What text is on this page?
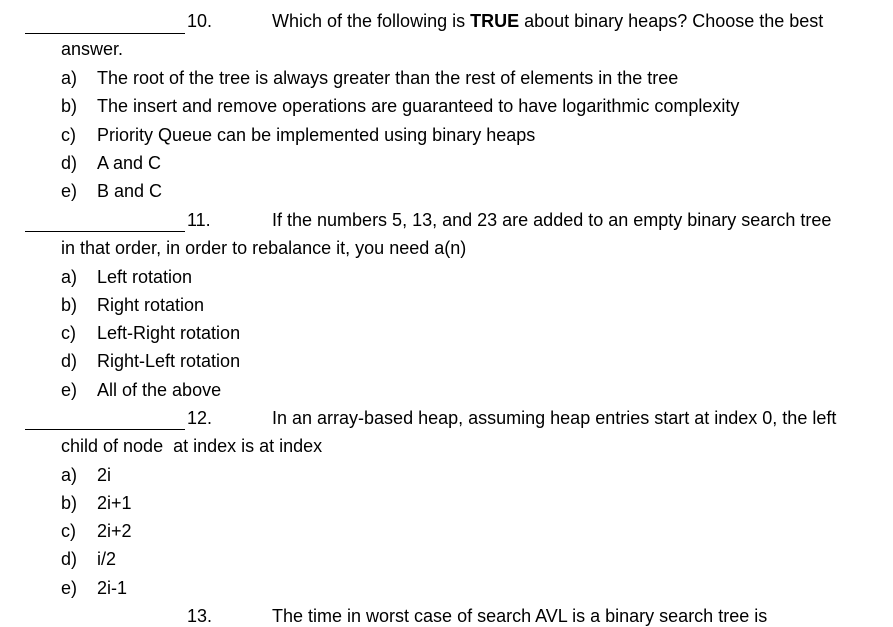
10.	Which of the following is TRUE about binary heaps? Choose the best
answer.
a) The root of the tree is always greater than the rest of elements in the tree
b) The insert and remove operations are guaranteed to have logarithmic complexity
c) Priority Queue can be implemented using binary heaps
d) A and C
e) B and C
11.	If the numbers 5, 13, and 23 are added to an empty binary search tree
in that order, in order to rebalance it, you need a(n)
a) Left rotation
b) Right rotation
c) Left-Right rotation
d) Right-Left rotation
e) All of the above
12.	In an array-based heap, assuming heap entries start at index 0, the left
child of node  at index is at index
a) 2i
b) 2i+1
c) 2i+2
d) i/2
e) 2i-1
13.	The time in worst case of search AVL is a binary search tree is
